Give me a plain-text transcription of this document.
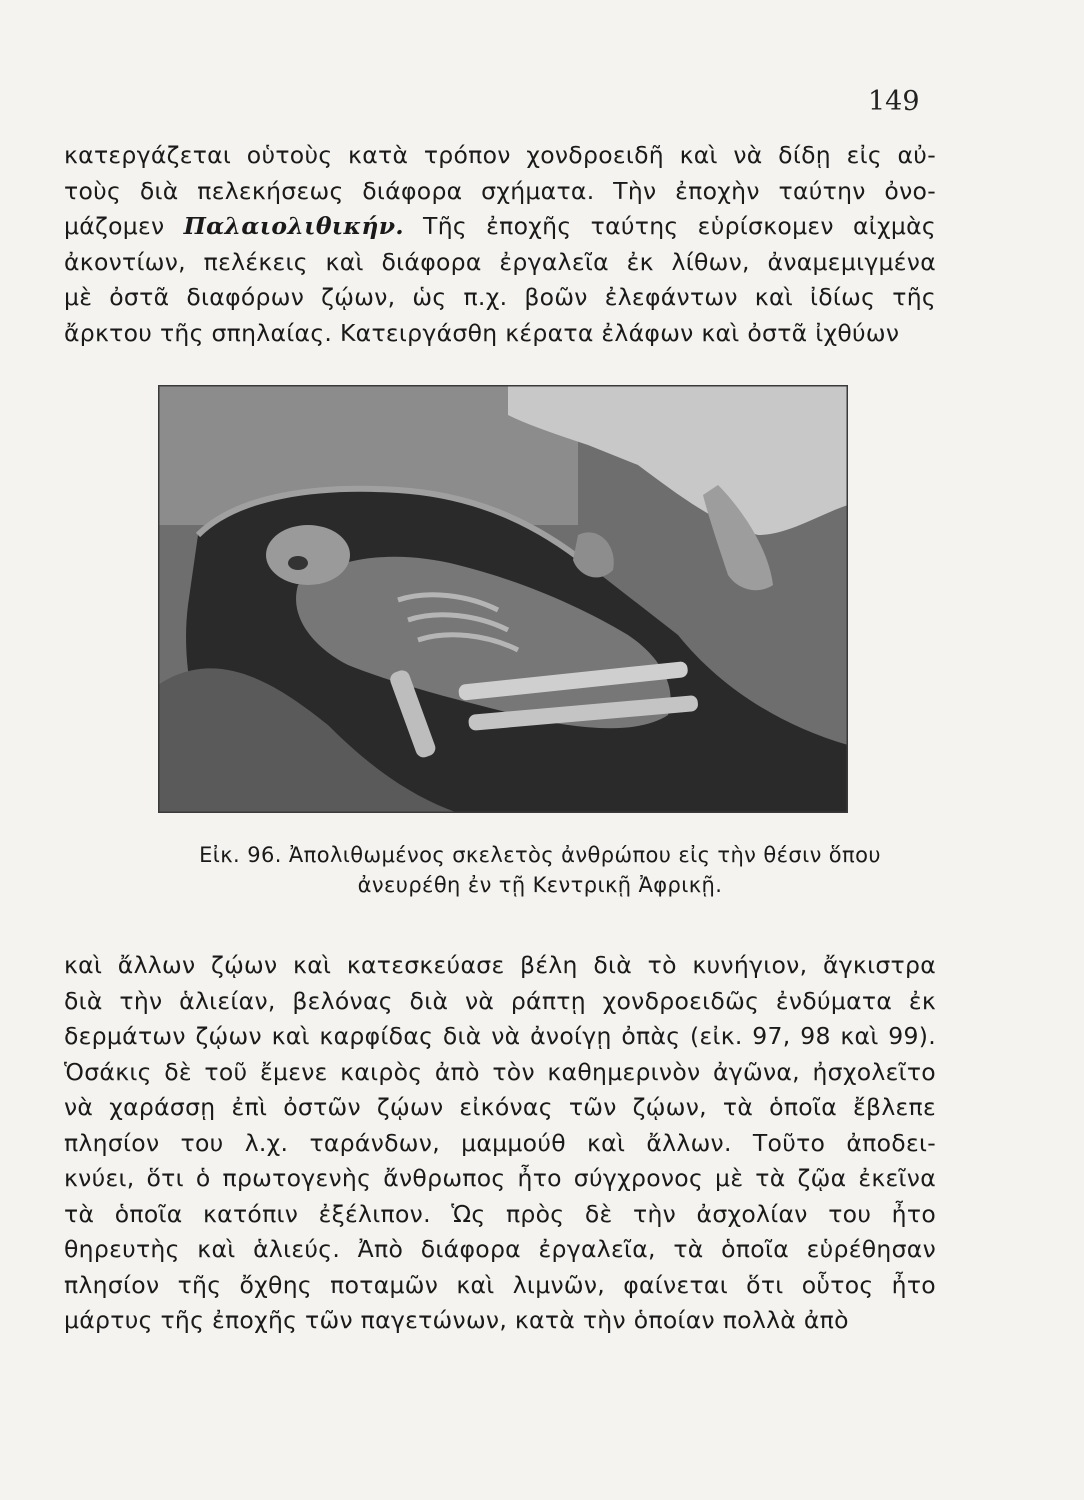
149
κατεργάζεται οὑτοὺς κατὰ τρόπον χονδροειδῆ καὶ νὰ δίδῃ εἰς αὐ-
τοὺς διὰ πελεκήσεως διάφορα σχήματα. Τὴν ἐποχὴν ταύτην ὀνο-
μάζομεν Παλαιολιθικήν. Τῆς ἐποχῆς ταύτης εὑρίσκομεν αἰχμὰς
ἀκοντίων, πελέκεις καὶ διάφορα ἐργαλεῖα ἐκ λίθων, ἀναμεμιγμένα
μὲ ὀστᾶ διαφόρων ζῴων, ὡς π.χ. βοῶν ἐλεφάντων καὶ ἰδίως τῆς
ἄρκτου τῆς σπηλαίας. Κατειργάσθη κέρατα ἐλάφων καὶ ὀστᾶ ἰχθύων

Εἰκ. 96. Ἀπολιθωμένος σκελετὸς ἀνθρώπου εἰς τὴν θέσιν ὅπου

ἀνευρέθη ἐν τῇ Κεντρικῇ Ἀφρικῇ.

καὶ ἄλλων ζῴων καὶ κατεσκεύασε βέλη διὰ τὸ κυνήγιον, ἄγκιστρα
διὰ τὴν ἁλιείαν, βελόνας διὰ νὰ ράπτῃ χονδροειδῶς ἐνδύματα ἐκ
δερμάτων ζῴων καὶ καρφίδας διὰ νὰ ἀνοίγῃ ὀπὰς (εἰκ. 97, 98 καὶ 99).
Ὁσάκις δὲ τοῦ ἔμενε καιρὸς ἀπὸ τὸν καθημερινὸν ἀγῶνα, ἠσχολεῖτο
νὰ χαράσσῃ ἐπὶ ὀστῶν ζῴων εἰκόνας τῶν ζῴων, τὰ ὁποῖα ἔβλεπε
πλησίον του λ.χ. ταράνδων, μαμμούθ καὶ ἄλλων. Τοῦτο ἀποδει-
κνύει, ὅτι ὁ πρωτογενὴς ἄνθρωπος ἦτο σύγχρονος μὲ τὰ ζῷα ἐκεῖνα
τὰ ὁποῖα κατόπιν ἐξέλιπον. Ὡς πρὸς δὲ τὴν ἀσχολίαν του ἦτο
θηρευτὴς καὶ ἁλιεύς. Ἀπὸ διάφορα ἐργαλεῖα, τὰ ὁποῖα εὑρέθησαν
πλησίον τῆς ὄχθης ποταμῶν καὶ λιμνῶν, φαίνεται ὅτι οὗτος ἦτο
μάρτυς τῆς ἐποχῆς τῶν παγετώνων, κατὰ τὴν ὁποίαν πολλὰ ἀπὸ
